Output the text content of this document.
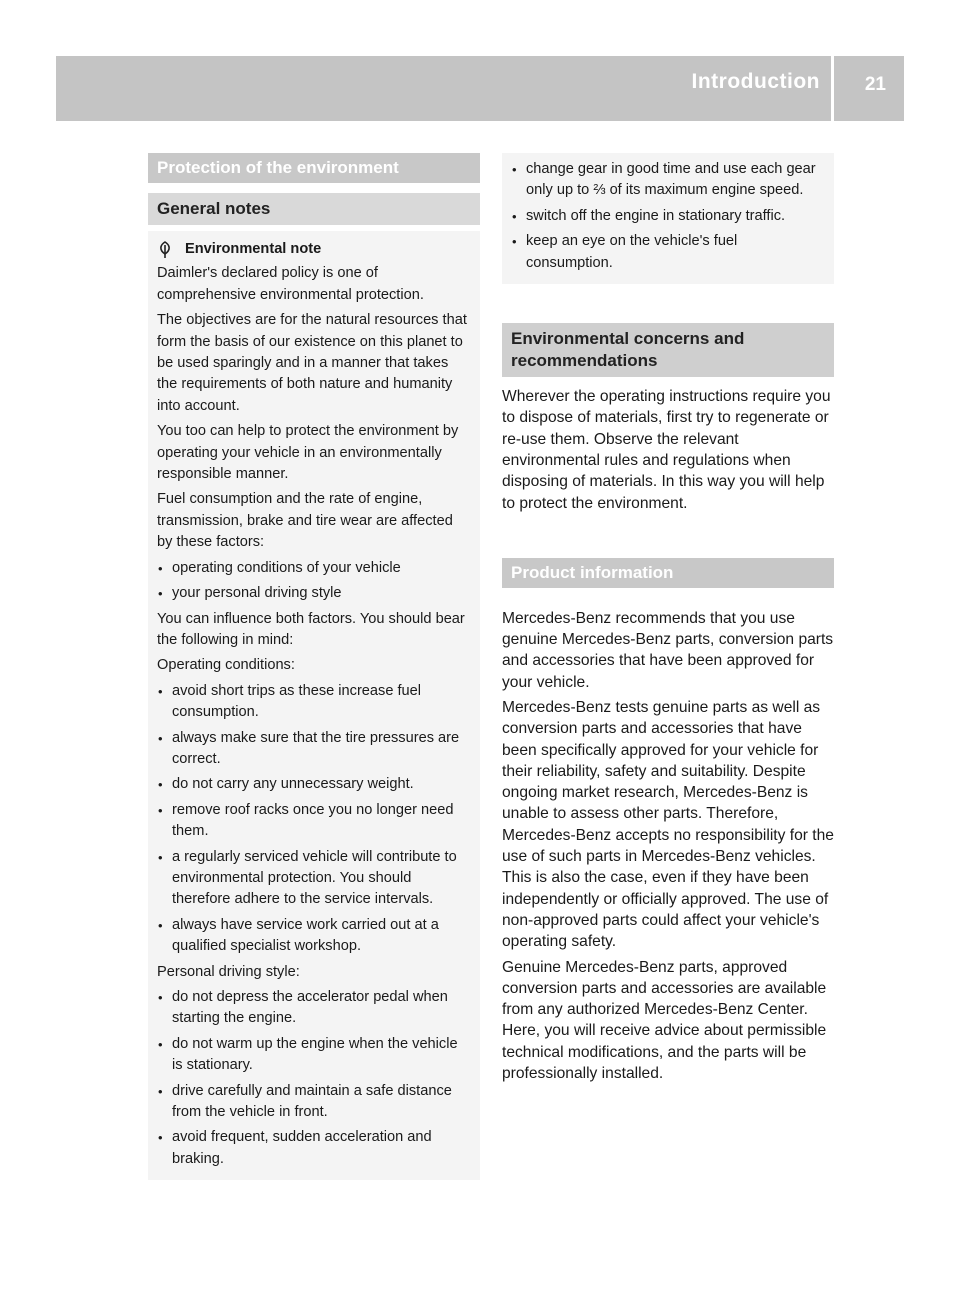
Introduction 21
Protection of the environment
General notes
Environmental note

Daimler's declared policy is one of comprehensive environmental protection.

The objectives are for the natural resources that form the basis of our existence on this planet to be used sparingly and in a manner that takes the requirements of both nature and humanity into account.

You too can help to protect the environment by operating your vehicle in an environmentally responsible manner.

Fuel consumption and the rate of engine, transmission, brake and tire wear are affected by these factors:

• operating conditions of your vehicle

• your personal driving style

You can influence both factors. You should bear the following in mind:

Operating conditions:

• avoid short trips as these increase fuel consumption.

• always make sure that the tire pressures are correct.

• do not carry any unnecessary weight.

• remove roof racks once you no longer need them.

• a regularly serviced vehicle will contribute to environmental protection. You should therefore adhere to the service intervals.

• always have service work carried out at a qualified specialist workshop.

Personal driving style:

• do not depress the accelerator pedal when starting the engine.

• do not warm up the engine when the vehicle is stationary.

• drive carefully and maintain a safe distance from the vehicle in front.

• avoid frequent, sudden acceleration and braking.

• change gear in good time and use each gear only up to ⅔ of its maximum engine speed.

• switch off the engine in stationary traffic.

• keep an eye on the vehicle's fuel consumption.

Environmental concerns and recommendations

Wherever the operating instructions require you to dispose of materials, first try to regenerate or re-use them. Observe the relevant environmental rules and regulations when disposing of materials. In this way you will help to protect the environment.

Product information

Mercedes-Benz recommends that you use genuine Mercedes-Benz parts, conversion parts and accessories that have been approved for your vehicle.

Mercedes-Benz tests genuine parts as well as conversion parts and accessories that have been specifically approved for your vehicle for their reliability, safety and suitability. Despite ongoing market research, Mercedes-Benz is unable to assess other parts. Therefore, Mercedes-Benz accepts no responsibility for the use of such parts in Mercedes-Benz vehicles. This is also the case, even if they have been independently or officially approved. The use of non-approved parts could affect your vehicle's operating safety.

Genuine Mercedes-Benz parts, approved conversion parts and accessories are available from any authorized Mercedes-Benz Center. Here, you will receive advice about permissible technical modifications, and the parts will be professionally installed.
